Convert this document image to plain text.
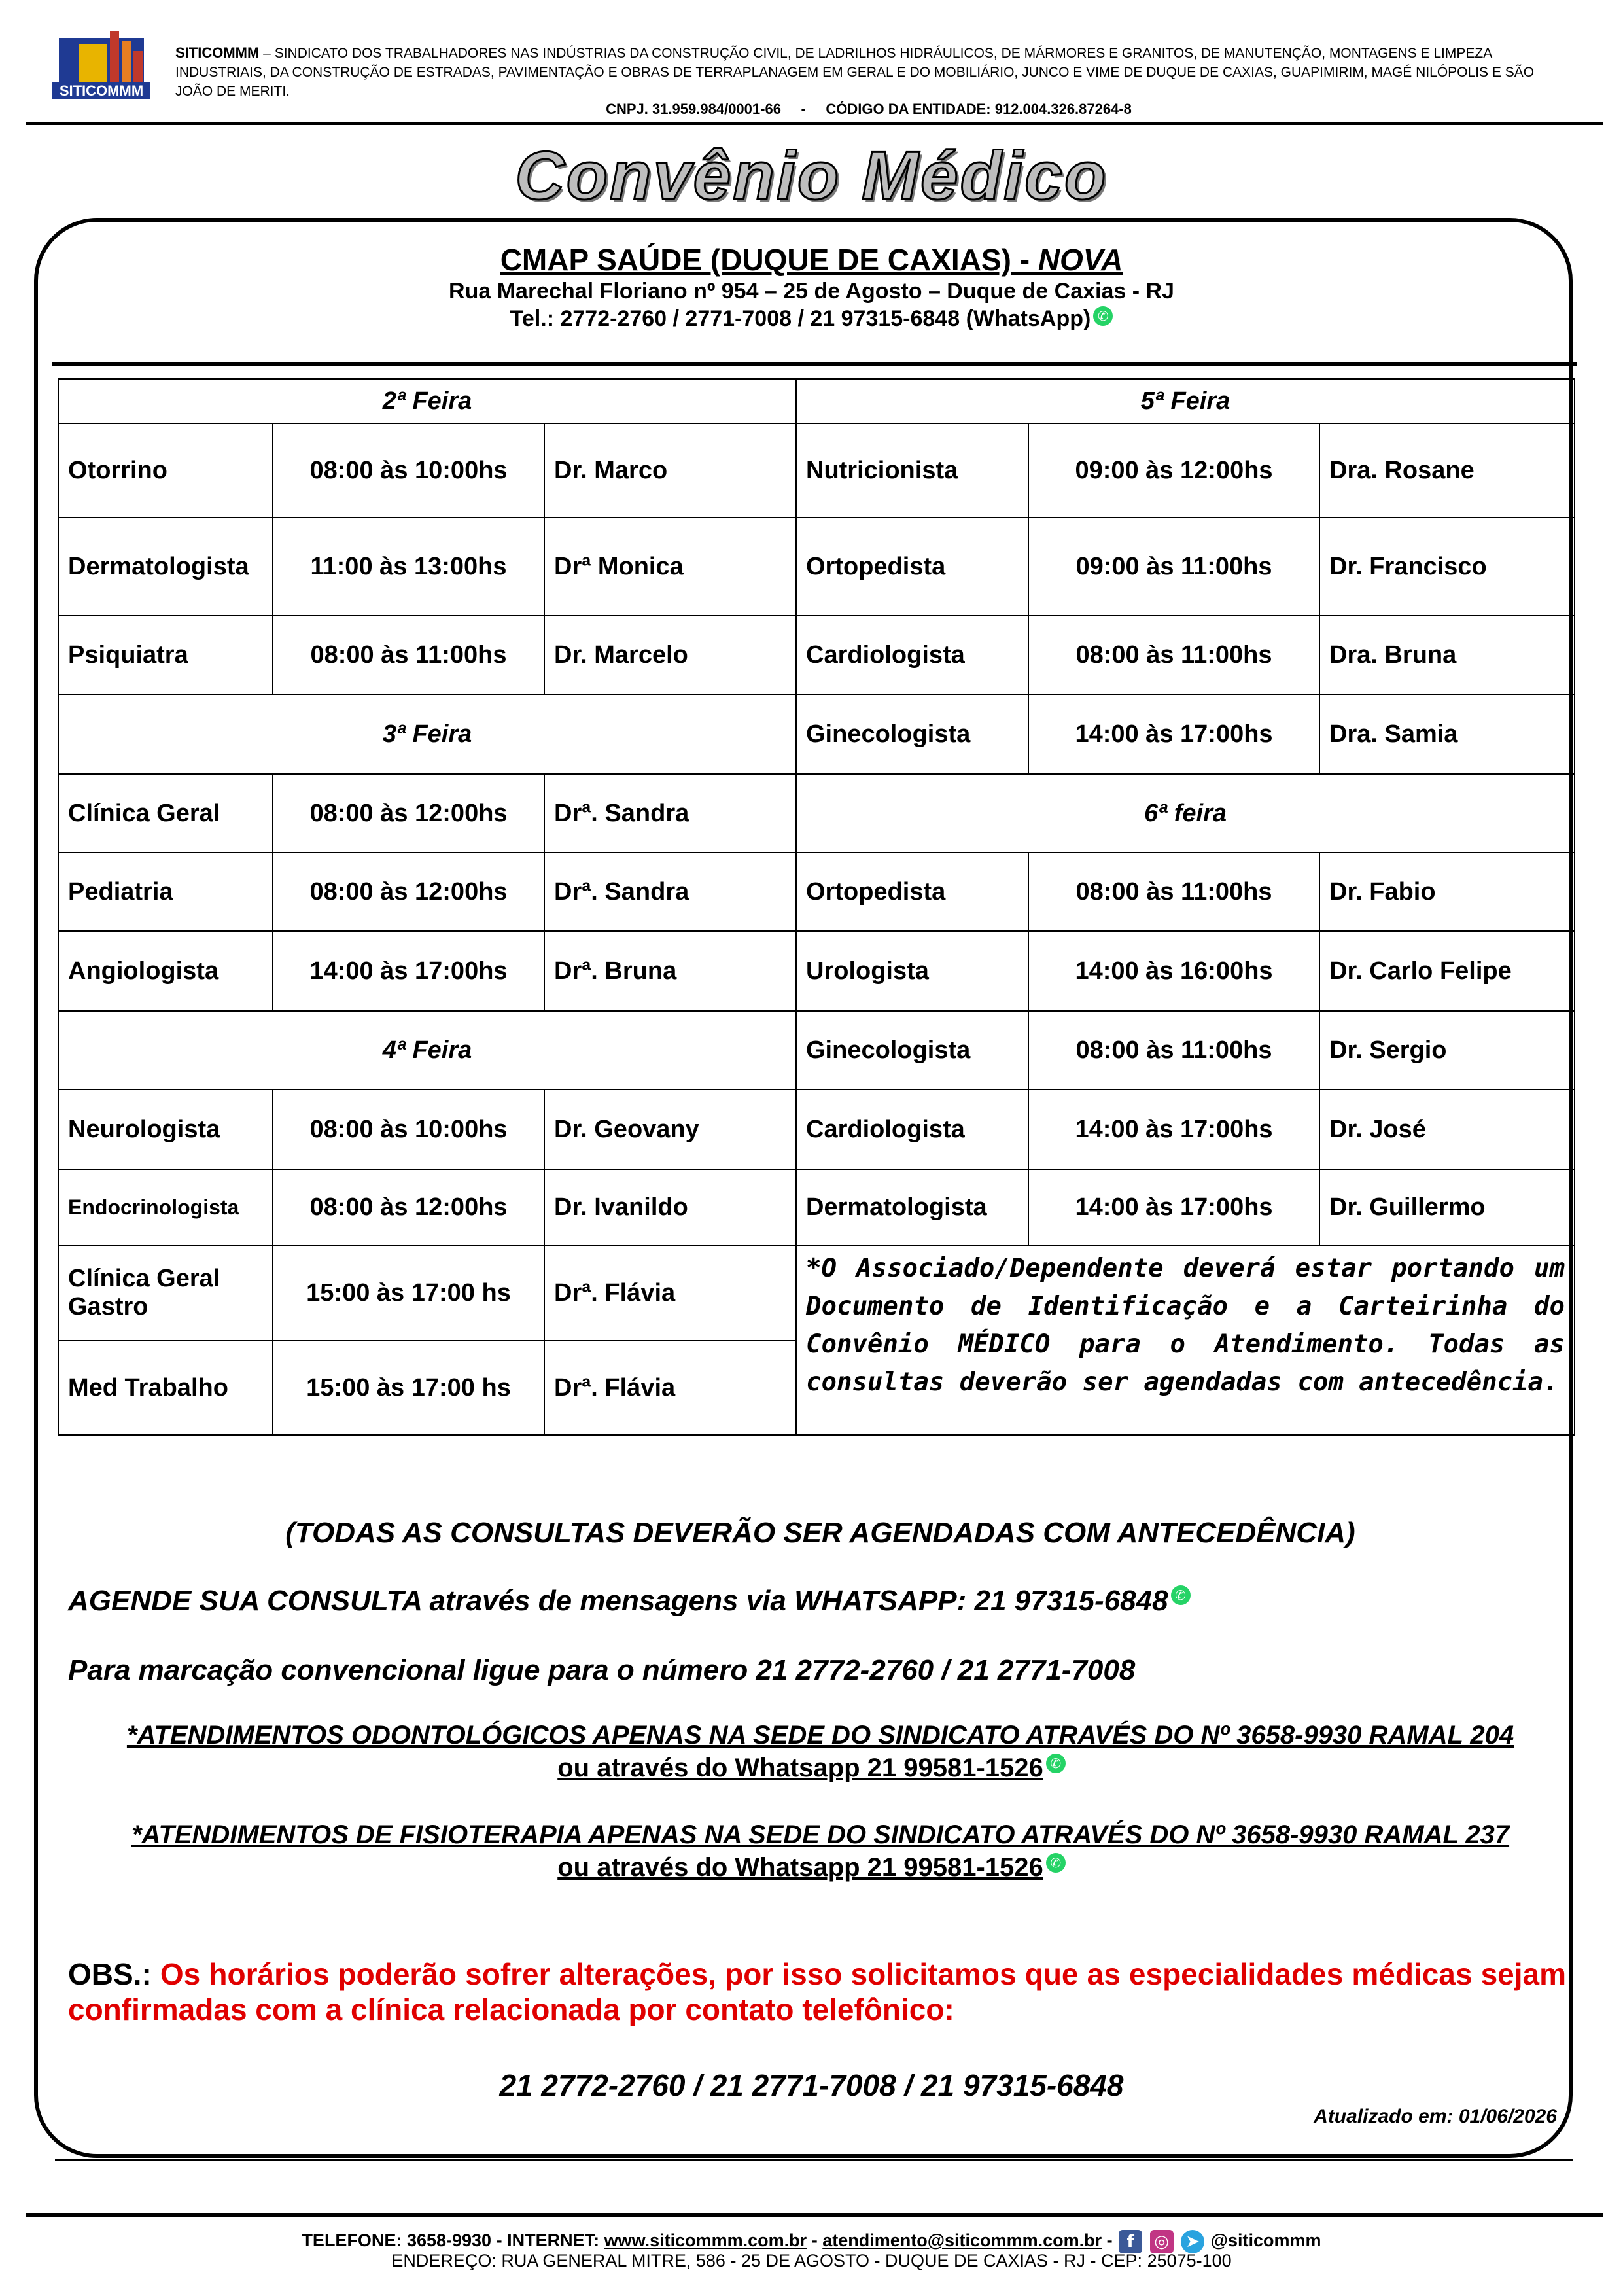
SITICOMMM
SITICOMMM – SINDICATO DOS TRABALHADORES NAS INDÚSTRIAS DA CONSTRUÇÃO CIVIL, DE LADRILHOS HIDRÁULICOS, DE MÁRMORES E GRANITOS, DE MANUTENÇÃO, MONTAGENS E LIMPEZA INDUSTRIAIS, DA CONSTRUÇÃO DE ESTRADAS, PAVIMENTAÇÃO E OBRAS DE TERRAPLANAGEM EM GERAL E DO MOBILIÁRIO, JUNCO E VIME DE DUQUE DE CAXIAS, GUAPIMIRIM, MAGÉ NILÓPOLIS E SÃO JOÃO DE MERITI.
CNPJ. 31.959.984/0001-66     -     CÓDIGO DA ENTIDADE: 912.004.326.87264-8
Convênio Médico
CMAP SAÚDE (DUQUE DE CAXIAS) - NOVA
Rua Marechal Floriano nº 954 – 25 de Agosto – Duque de Caxias - RJ
Tel.: 2772-2760 / 2771-7008 / 21 97315-6848 (WhatsApp) ✆
2ª Feira			5ª Feira		
Otorrino	08:00 às 10:00hs	Dr. Marco	Nutricionista	09:00 às 12:00hs	Dra. Rosane
Dermatologista	11:00 às 13:00hs	Drª Monica	Ortopedista	09:00 às 11:00hs	Dr. Francisco
Psiquiatra	08:00 às 11:00hs	Dr. Marcelo	Cardiologista	08:00 às 11:00hs	Dra. Bruna
3ª Feira			Ginecologista	14:00 às 17:00hs	Dra. Samia
Clínica Geral	08:00 às 12:00hs	Drª. Sandra	6ª feira		
Pediatria	08:00 às 12:00hs	Drª. Sandra	Ortopedista	08:00 às 11:00hs	Dr. Fabio
Angiologista	14:00 às 17:00hs	Drª. Bruna	Urologista	14:00 às 16:00hs	Dr. Carlo Felipe
4ª Feira			Ginecologista	08:00 às 11:00hs	Dr. Sergio
Neurologista	08:00 às 10:00hs	Dr. Geovany	Cardiologista	14:00 às 17:00hs	Dr. José
Endocrinologista	08:00 às 12:00hs	Dr. Ivanildo	Dermatologista	14:00 às 17:00hs	Dr. Guillermo
Clínica Geral Gastro	15:00 às 17:00 hs	Drª. Flávia	*O Associado/Dependente deverá estar portando um Documento de Identificação e a Carteirinha do Convênio MÉDICO para o Atendimento. Todas as consultas deverão ser agendadas com antecedência.		
Med Trabalho	15:00 às 17:00 hs	Drª. Flávia			
(TODAS AS CONSULTAS DEVERÃO SER AGENDADAS COM ANTECEDÊNCIA)
AGENDE SUA CONSULTA através de mensagens via WHATSAPP: 21 97315-6848 ✆
Para marcação convencional ligue para o número 21 2772-2760 / 21 2771-7008
*ATENDIMENTOS ODONTOLÓGICOS APENAS NA SEDE DO SINDICATO ATRAVÉS DO Nº 3658-9930 RAMAL 204
ou através do Whatsapp 21 99581-1526 ✆
*ATENDIMENTOS DE FISIOTERAPIA APENAS NA SEDE DO SINDICATO ATRAVÉS DO Nº 3658-9930 RAMAL 237
ou através do Whatsapp 21 99581-1526 ✆
OBS.: Os horários poderão sofrer alterações, por isso solicitamos que as especialidades médicas sejam confirmadas com a clínica relacionada por contato telefônico:
21 2772-2760 / 21 2771-7008 / 21 97315-6848
Atualizado em: 01/06/2026
TELEFONE: 3658-9930 - INTERNET: www.siticommm.com.br - atendimento@siticommm.com.br - f ◎ ➤ @siticommm
ENDEREÇO: RUA GENERAL MITRE, 586 - 25 DE AGOSTO - DUQUE DE CAXIAS - RJ - CEP: 25075-100
